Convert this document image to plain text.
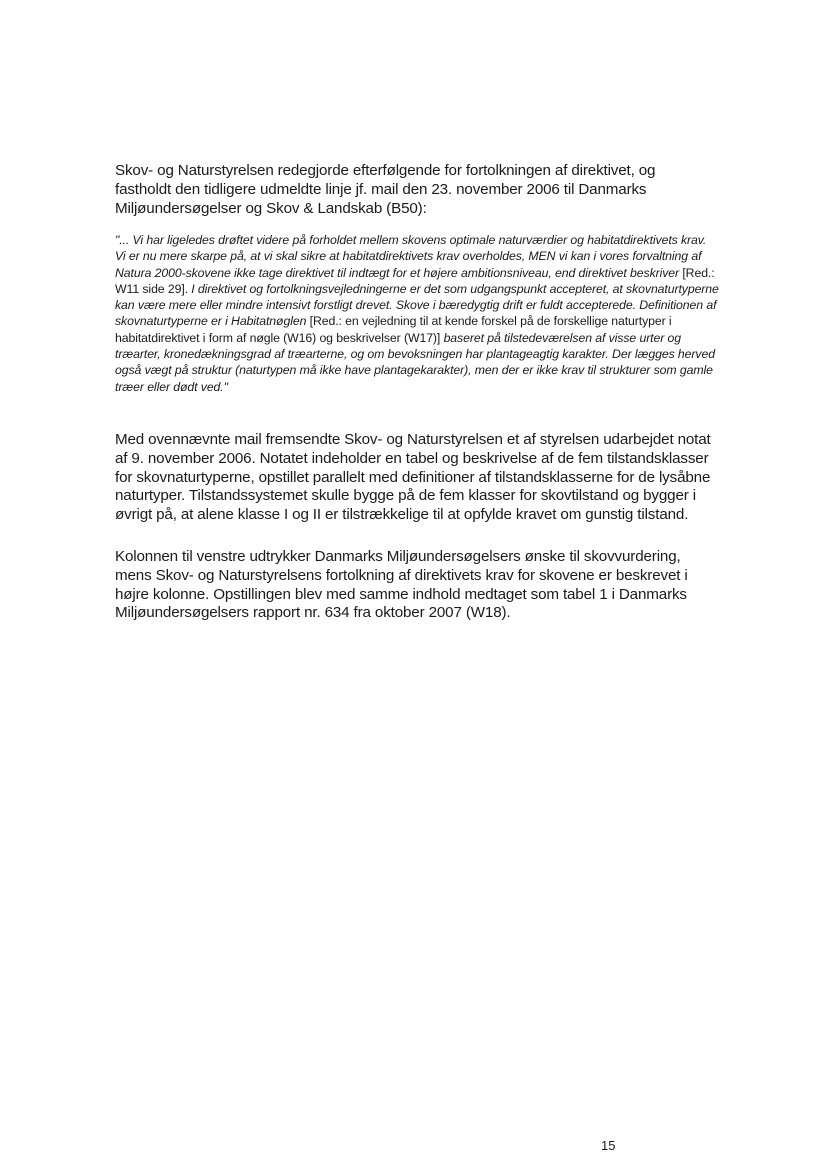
Skov- og Naturstyrelsen redegjorde efterfølgende for fortolkningen af direktivet, og fastholdt den tidligere udmeldte linje jf. mail den 23. november 2006 til Danmarks Miljøundersøgelser og Skov & Landskab (B50):
"... Vi har ligeledes drøftet videre på forholdet mellem skovens optimale naturværdier og habitatdirektivets krav. Vi er nu mere skarpe på, at vi skal sikre at habitatdirektivets krav overholdes, MEN vi kan i vores forvaltning af Natura 2000-skovene ikke tage direktivet til indtægt for et højere ambitionsniveau, end direktivet beskriver [Red.: W11 side 29]. I direktivet og fortolkningsvejledningerne er det som udgangspunkt accepteret, at skovnaturtyperne kan være mere eller mindre intensivt forstligt drevet. Skove i bæredygtig drift er fuldt accepterede. Definitionen af skovnaturtyperne er i Habitatnøglen [Red.: en vejledning til at kende forskel på de forskellige naturtyper i habitatdirektivet i form af nøgle (W16) og beskrivelser (W17)] baseret på tilstedeværelsen af visse urter og træarter, kronedækningsgrad af træarterne, og om bevoksningen har plantageagtig karakter. Der lægges herved også vægt på struktur (naturtypen må ikke have plantagekarakter), men der er ikke krav til strukturer som gamle træer eller dødt ved."
Med ovennævnte mail fremsendte Skov- og Naturstyrelsen et af styrelsen udarbejdet notat af 9. november 2006. Notatet indeholder en tabel og beskrivelse af de fem tilstandsklasser for skovnaturtyperne, opstillet parallelt med definitioner af tilstandsklasserne for de lysåbne naturtyper. Tilstandssystemet skulle bygge på de fem klasser for skovtilstand og bygger i øvrigt på, at alene klasse I og II er tilstrækkelige til at opfylde kravet om gunstig tilstand.
Kolonnen til venstre udtrykker Danmarks Miljøundersøgelsers ønske til skovvurdering, mens Skov- og Naturstyrelsens fortolkning af direktivets krav for skovene er beskrevet i højre kolonne. Opstillingen blev med samme indhold medtaget som tabel 1 i Danmarks Miljøundersøgelsers rapport nr. 634 fra oktober 2007 (W18).
15
